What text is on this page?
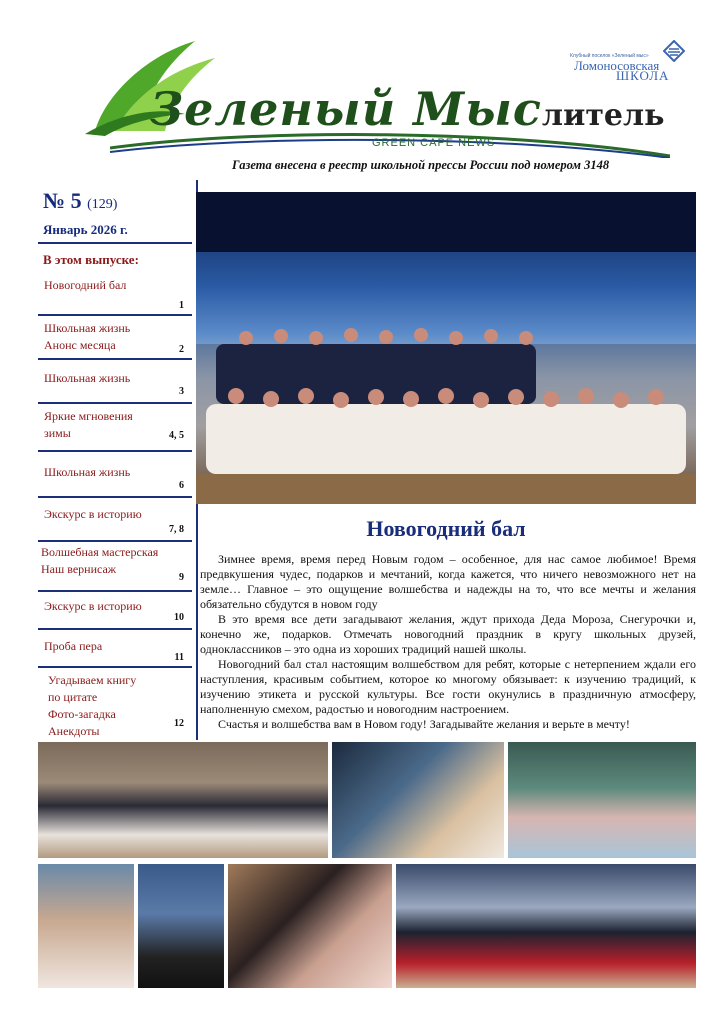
Зеленый Мыслитель
GREEN CAPE NEWS
Газета внесена в реестр школьной прессы России под номером 3148
Клубный поселок «Зеленый мыс»
Ломоносовская
ШКОЛА
№ 5 (129)
Январь 2026 г.
В этом выпуске:
Новогодний бал
1
Школьная жизнь
Анонс месяца	2
Школьная жизнь
3
Яркие мгновения
зимы	4, 5
Школьная жизнь
6
Экскурс в историю
7, 8
Волшебная мастерская
Наш вернисаж
9
Экскурс в историю
10
Проба пера
11
Угадываем книгу
по цитате
Фото-загадка
Анекдоты
12
Новогодний бал

Зимнее время, время перед Новым годом – особенное, для нас самое любимое! Время предвкушения чудес, подарков и мечтаний, когда кажется, что ничего невозможного нет на земле… Главное – это ощущение волшебства и надежды на то, что все мечты и желания обязательно сбудутся в новом году

В это время все дети загадывают желания, ждут прихода Деда Мороза, Снегурочки и, конечно же, подарков. Отмечать новогодний праздник в кругу школьных друзей, одноклассников – это одна из хороших традиций нашей школы.

Новогодний бал стал настоящим волшебством для ребят, которые с нетерпением ждали его наступления, красивым событием, которое ко многому обязывает: к изучению традиций, к изучению этикета и русской культуры. Все гости окунулись в праздничную атмосферу, наполненную смехом, радостью и новогодним настроением.

Счастья и волшебства вам в Новом году! Загадывайте желания и верьте в мечту!
